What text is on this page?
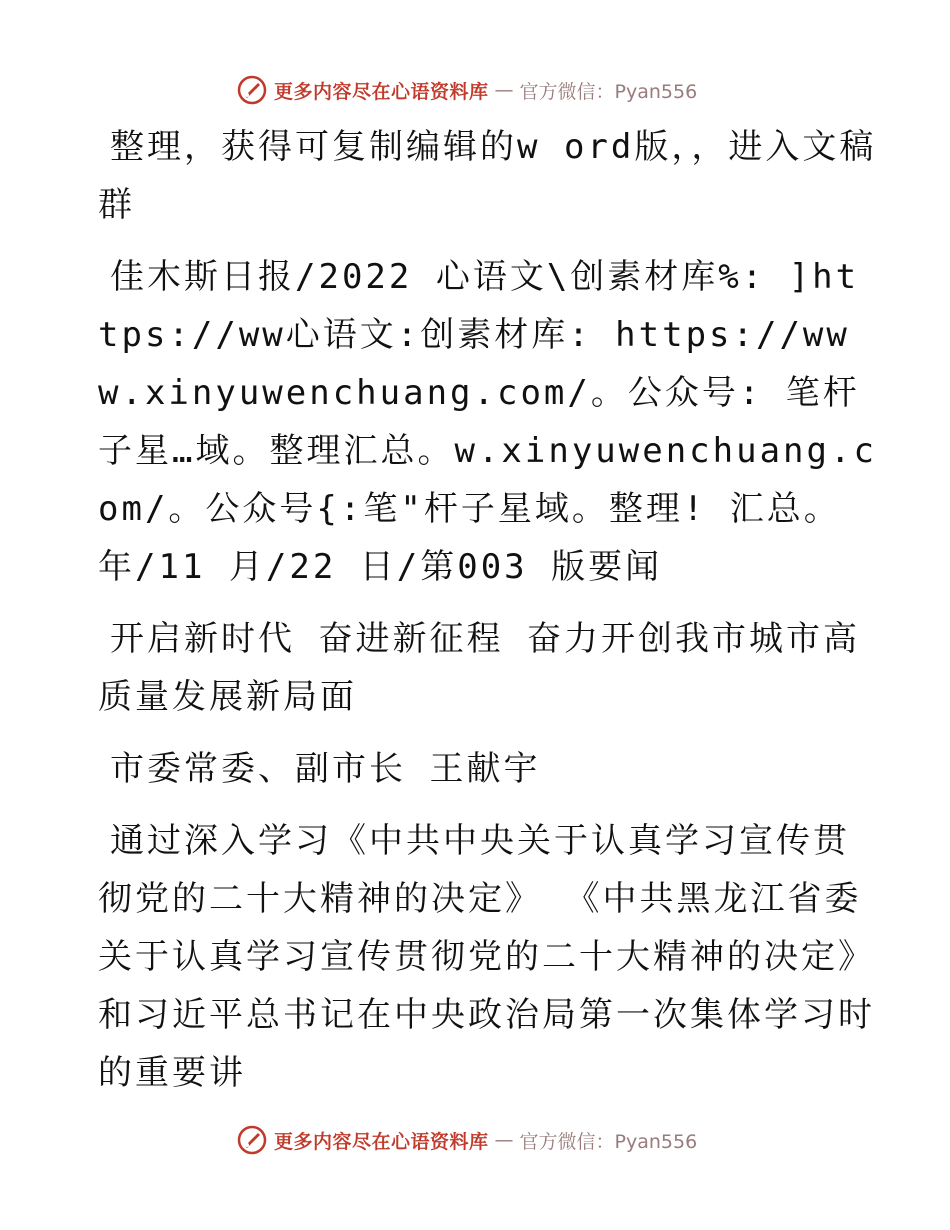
更多内容尽在心语资料库 — 官方微信：Pyan556

整理，获得可复制编辑的w ord版，，进入文稿群

佳木斯日报/2022 心语文\创素材库%: ]https://ww心语文:创素材库: https://www.xinyuwenchuang.com/。公众号: 笔杆子星…域。整理汇总。w.xinyuwenchuang.com/。公众号{:笔"杆子星域。整理! 汇总。年/11 月/22 日/第003 版要闻

开启新时代 奋进新征程 奋力开创我市城市高质量发展新局面

市委常委、副市长 王献宇

通过深入学习《中共中央关于认真学习宣传贯彻党的二十大精神的决定》 《中共黑龙江省委关于认真学习宣传贯彻党的二十大精神的决定》和习近平总书记在中央政治局第一次集体学习时的重要讲

更多内容尽在心语资料库 — 官方微信：Pyan556
